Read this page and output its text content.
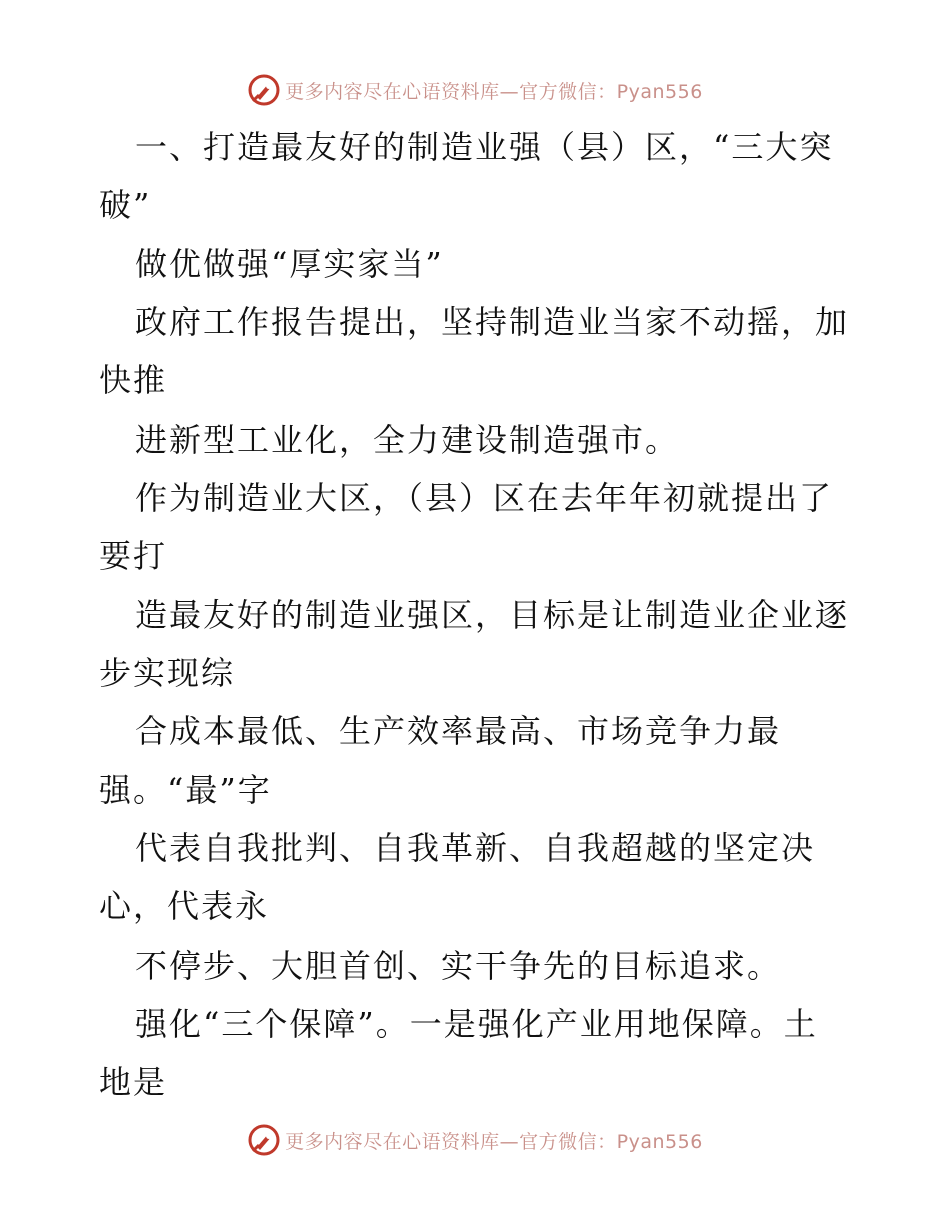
更多内容尽在心语资料库—官方微信：Pyan556
一、打造最友好的制造业强（县）区，“三大突
破”
做优做强“厚实家当”
政府工作报告提出，坚持制造业当家不动摇，加
快推
进新型工业化，全力建设制造强市。
作为制造业大区，（县）区在去年年初就提出了
要打
造最友好的制造业强区，目标是让制造业企业逐
步实现综
合成本最低、生产效率最高、市场竞争力最
强。“最”字
代表自我批判、自我革新、自我超越的坚定决
心，代表永
不停步、大胆首创、实干争先的目标追求。
强化“三个保障”。一是强化产业用地保障。土
地是
更多内容尽在心语资料库—官方微信：Pyan556
